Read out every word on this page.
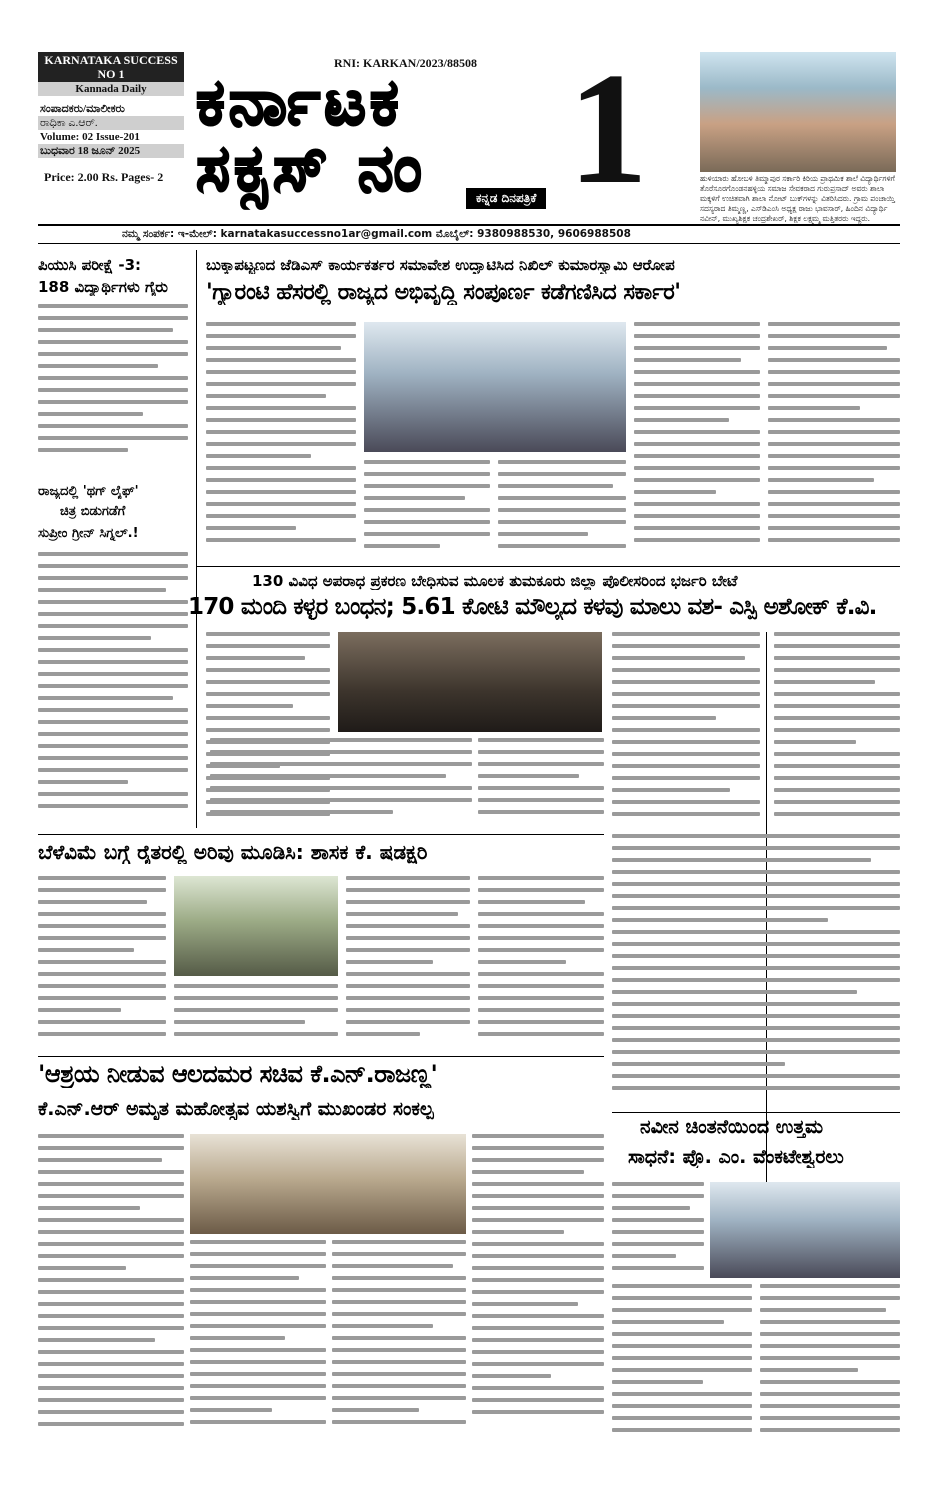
KARNATAKA SUCCESS NO 1
Kannada Daily
ಸಂಪಾದಕರು/ಮಾಲೀಕರು
ರಾಧಿಕಾ ಎ.ಆರ್.
Volume: 02 Issue-201
ಬುಧವಾರ 18 ಜೂನ್ 2025
Price: 2.00 Rs. Pages- 2
RNI: KARKAN/2023/88508
ಕರ್ನಾಟಕ
ಸಕ್ಸಸ್ ನಂ 1
ಕನ್ನಡ ದಿನಪತ್ರಿಕೆ
ಹುಳಿಯಾರು ಹೋಬಳಿ ತಿಮ್ಮಾಪುರ ಸರ್ಕಾರಿ ಕಿರಿಯ ಪ್ರಾಥಮಿಕ ಶಾಲೆ ವಿದ್ಯಾರ್ಥಿಗಳಿಗೆ ತೊರೆಸೂರಗೊಂಡನಹಳ್ಳಿಯ ಸಮಾಜ ಸೇವಕರಾದ ಗುರುಪ್ರಸಾದ್ ಅವರು ಶಾಲಾ ಮಕ್ಕಳಿಗೆ ಉಚಿತವಾಗಿ ಶಾಲಾ ನೋಟ್ ಬುಕ್‌ಗಳನ್ನು ವಿತರಿಸಿದರು. ಗ್ರಾಮ ಪಂಚಾಯ್ತಿ ಸದಸ್ಯರಾದ ತಿಮ್ಮಣ್ಣ, ಎಸ್‌ಡಿಎಂಸಿ ಅಧ್ಯಕ್ಷ ರಾಜು ಭಾವಸಾರ್, ಹಿಂದಿನ ವಿದ್ಯಾರ್ಥಿ ನವೀನ್, ಮುಖ್ಯಶಿಕ್ಷಕ ಚಂದ್ರಶೇಖರ್, ಶಿಕ್ಷಕ ಲಕ್ಷ್ಮಮ್ಮ ಮತ್ತಿತರರು ಇದ್ದರು.
ನಮ್ಮ ಸಂಪರ್ಕ: ಇ-ಮೇಲ್: karnatakasuccessno1ar@gmail.com ಮೊಬೈಲ್: 9380988530, 9606988508
ಪಿಯುಸಿ ಪರೀಕ್ಷೆ -3:
188 ವಿದ್ಯಾರ್ಥಿಗಳು ಗೈರು
ರಾಜ್ಯದಲ್ಲಿ 'ಥಗ್ ಲೈಫ್'
ಚಿತ್ರ ಬಿಡುಗಡೆಗೆ
ಸುಪ್ರೀಂ ಗ್ರೀನ್ ಸಿಗ್ನಲ್.!
ಬುಕ್ಕಾಪಟ್ಟಣದ ಜೆಡಿಎಸ್ ಕಾರ್ಯಕರ್ತರ ಸಮಾವೇಶ ಉದ್ಘಾಟಿಸಿದ ನಿಖಿಲ್ ಕುಮಾರಸ್ವಾಮಿ ಆರೋಪ
'ಗ್ಯಾರಂಟಿ ಹೆಸರಲ್ಲಿ ರಾಜ್ಯದ ಅಭಿವೃದ್ಧಿ ಸಂಪೂರ್ಣ ಕಡೆಗಣಿಸಿದ ಸರ್ಕಾರ'
130 ವಿವಿಧ ಅಪರಾಧ ಪ್ರಕರಣ ಬೇಧಿಸುವ ಮೂಲಕ ತುಮಕೂರು ಜಿಲ್ಲಾ ಪೊಲೀಸರಿಂದ ಭರ್ಜರಿ ಬೇಟೆ
170 ಮಂದಿ ಕಳ್ಳರ ಬಂಧನ; 5.61 ಕೋಟಿ ಮೌಲ್ಯದ ಕಳವು ಮಾಲು ವಶ- ಎಸ್ಪಿ ಅಶೋಕ್ ಕೆ.ವಿ.
ಬೆಳೆವಿಮೆ ಬಗ್ಗೆ ರೈತರಲ್ಲಿ ಅರಿವು ಮೂಡಿಸಿ: ಶಾಸಕ ಕೆ. ಷಡಕ್ಷರಿ
'ಆಶ್ರಯ ನೀಡುವ ಆಲದಮರ ಸಚಿವ ಕೆ.ಎನ್.ರಾಜಣ್ಣ'
ಕೆ.ಎನ್.ಆರ್ ಅಮೃತ ಮಹೋತ್ಸವ ಯಶಸ್ವಿಗೆ ಮುಖಂಡರ ಸಂಕಲ್ಪ
ನವೀನ ಚಿಂತನೆಯಿಂದ ಉತ್ತಮ
ಸಾಧನೆ: ಪ್ರೊ. ಎಂ. ವೆಂಕಟೇಶ್ವರಲು
